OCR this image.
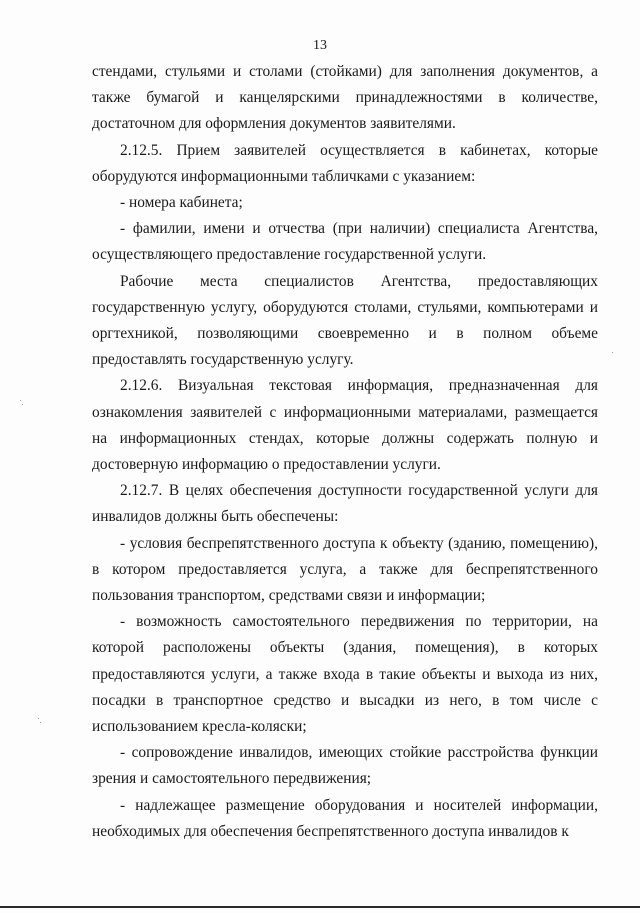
13

стендами, стульями и столами (стойками) для заполнения документов, а также бумагой и канцелярскими принадлежностями в количестве, достаточном для оформления документов заявителями.

2.12.5. Прием заявителей осуществляется в кабинетах, которые оборудуются информационными табличками с указанием:

- номера кабинета;

- фамилии, имени и отчества (при наличии) специалиста Агентства, осуществляющего предоставление государственной услуги.

Рабочие места специалистов Агентства, предоставляющих государственную услугу, оборудуются столами, стульями, компьютерами и оргтехникой, позволяющими своевременно и в полном объеме предоставлять государственную услугу.

2.12.6. Визуальная текстовая информация, предназначенная для ознакомления заявителей с информационными материалами, размещается на информационных стендах, которые должны содержать полную и достоверную информацию о предоставлении услуги.

2.12.7. В целях обеспечения доступности государственной услуги для инвалидов должны быть обеспечены:

- условия беспрепятственного доступа к объекту (зданию, помещению), в котором предоставляется услуга, а также для беспрепятственного пользования транспортом, средствами связи и информации;

- возможность самостоятельного передвижения по территории, на которой расположены объекты (здания, помещения), в которых предоставляются услуги, а также входа в такие объекты и выхода из них, посадки в транспортное средство и высадки из него, в том числе с использованием кресла-коляски;

- сопровождение инвалидов, имеющих стойкие расстройства функции зрения и самостоятельного передвижения;

- надлежащее размещение оборудования и носителей информации, необходимых для обеспечения беспрепятственного доступа инвалидов к
